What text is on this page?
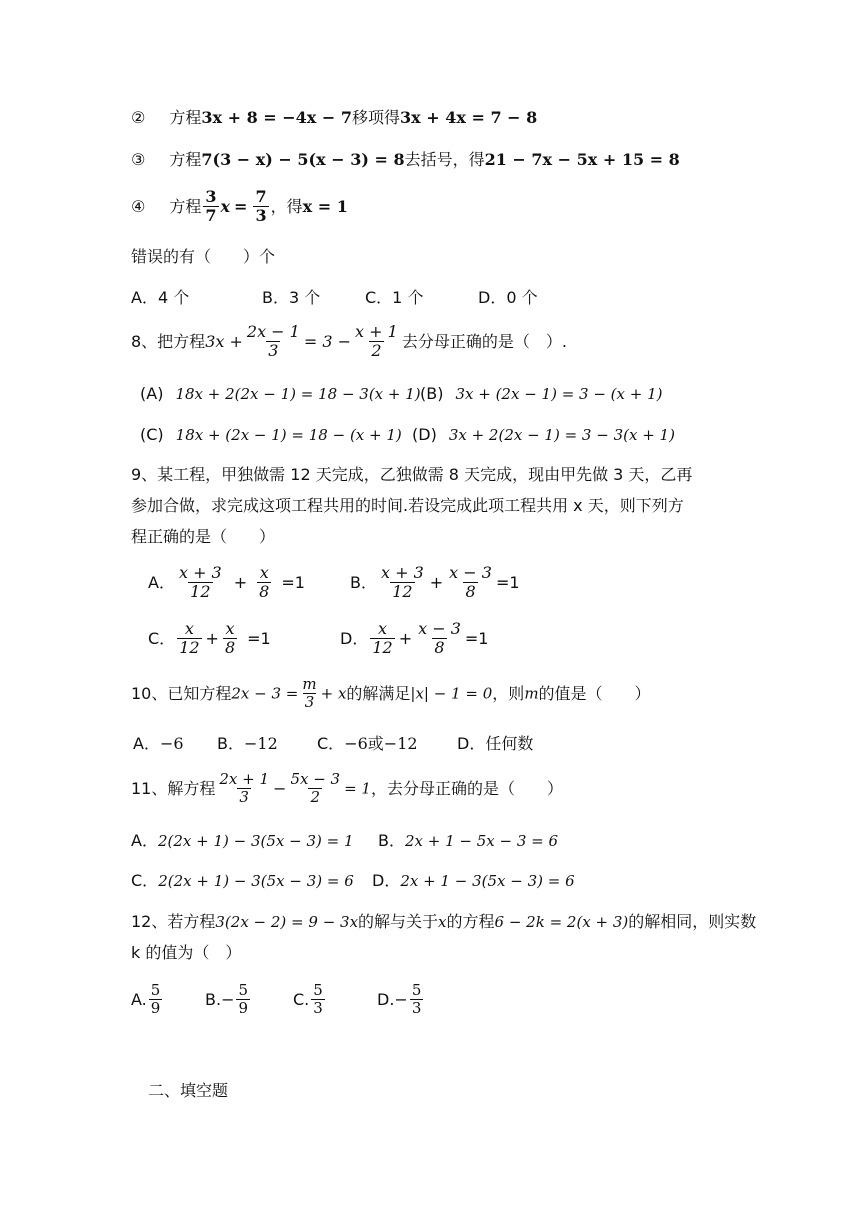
② 方程3x + 8 = −4x − 7移项得3x + 4x = 7 − 8
③ 方程7(3 − x) − 5(x − 3) = 8去括号，得21 − 7x − 5x + 15 = 8
④ 方程 $\frac{3}{7}$ $x = \frac{7}{3}$ ，得x = 1
错误的有（　　）个
A．4 个	B．3 个	C．1 个	D．0 个
8、把方程$3x + \frac{2x - 1}{3} = 3 - \frac{x + 1}{2}$ 去分母正确的是（　）.
(A) 18x + 2(2x − 1) = 18 − 3(x + 1) (B) 3x + (2x − 1) = 3 − (x + 1)
(C) 18x + (2x − 1) = 18 − (x + 1) (D) 3x + 2(2x − 1) = 3 − 3(x + 1)
9、某工程，甲独做需 12 天完成，乙独做需 8 天完成，现由甲先做 3 天，乙再
参加合做，求完成这项工程共用的时间.若设完成此项工程共用 x 天，则下列方
程正确的是（　　）
A． $\frac{x + 3}{12} + \frac{x}{8} =1$	B． $\frac{x + 3}{12} + \frac{x - 3}{8} =1$
C． $\frac{x}{12} + \frac{x}{8} =1$	D． $\frac{x}{12} + \frac{x - 3}{8} =1$
10、已知方程$2x - 3 = \frac{m}{3} + x$的解满足|x| − 1 = 0，则m的值是（　　）
A．−6 B．−12 C．−6或−12 D．任何数
11、解方程 $\frac{2x + 1}{3} - \frac{5x - 3}{2} = 1$，去分母正确的是（　　）
A．2(2x + 1) − 3(5x − 3) = 1 B．2x + 1 − 5x − 3 = 6
C．2(2x + 1) − 3(5x − 3) = 6 D．2x + 1 − 3(5x − 3) = 6
12、若方程3(2x − 2) = 9 − 3x的解与关于x的方程6 − 2k = 2(x + 3)的解相同，则实数
k 的值为（　）
A. $\frac{5}{9}$	$B.- \frac{5}{9}$	C. $\frac{5}{3}$	$D.- \frac{5}{3}$
二、填空题
